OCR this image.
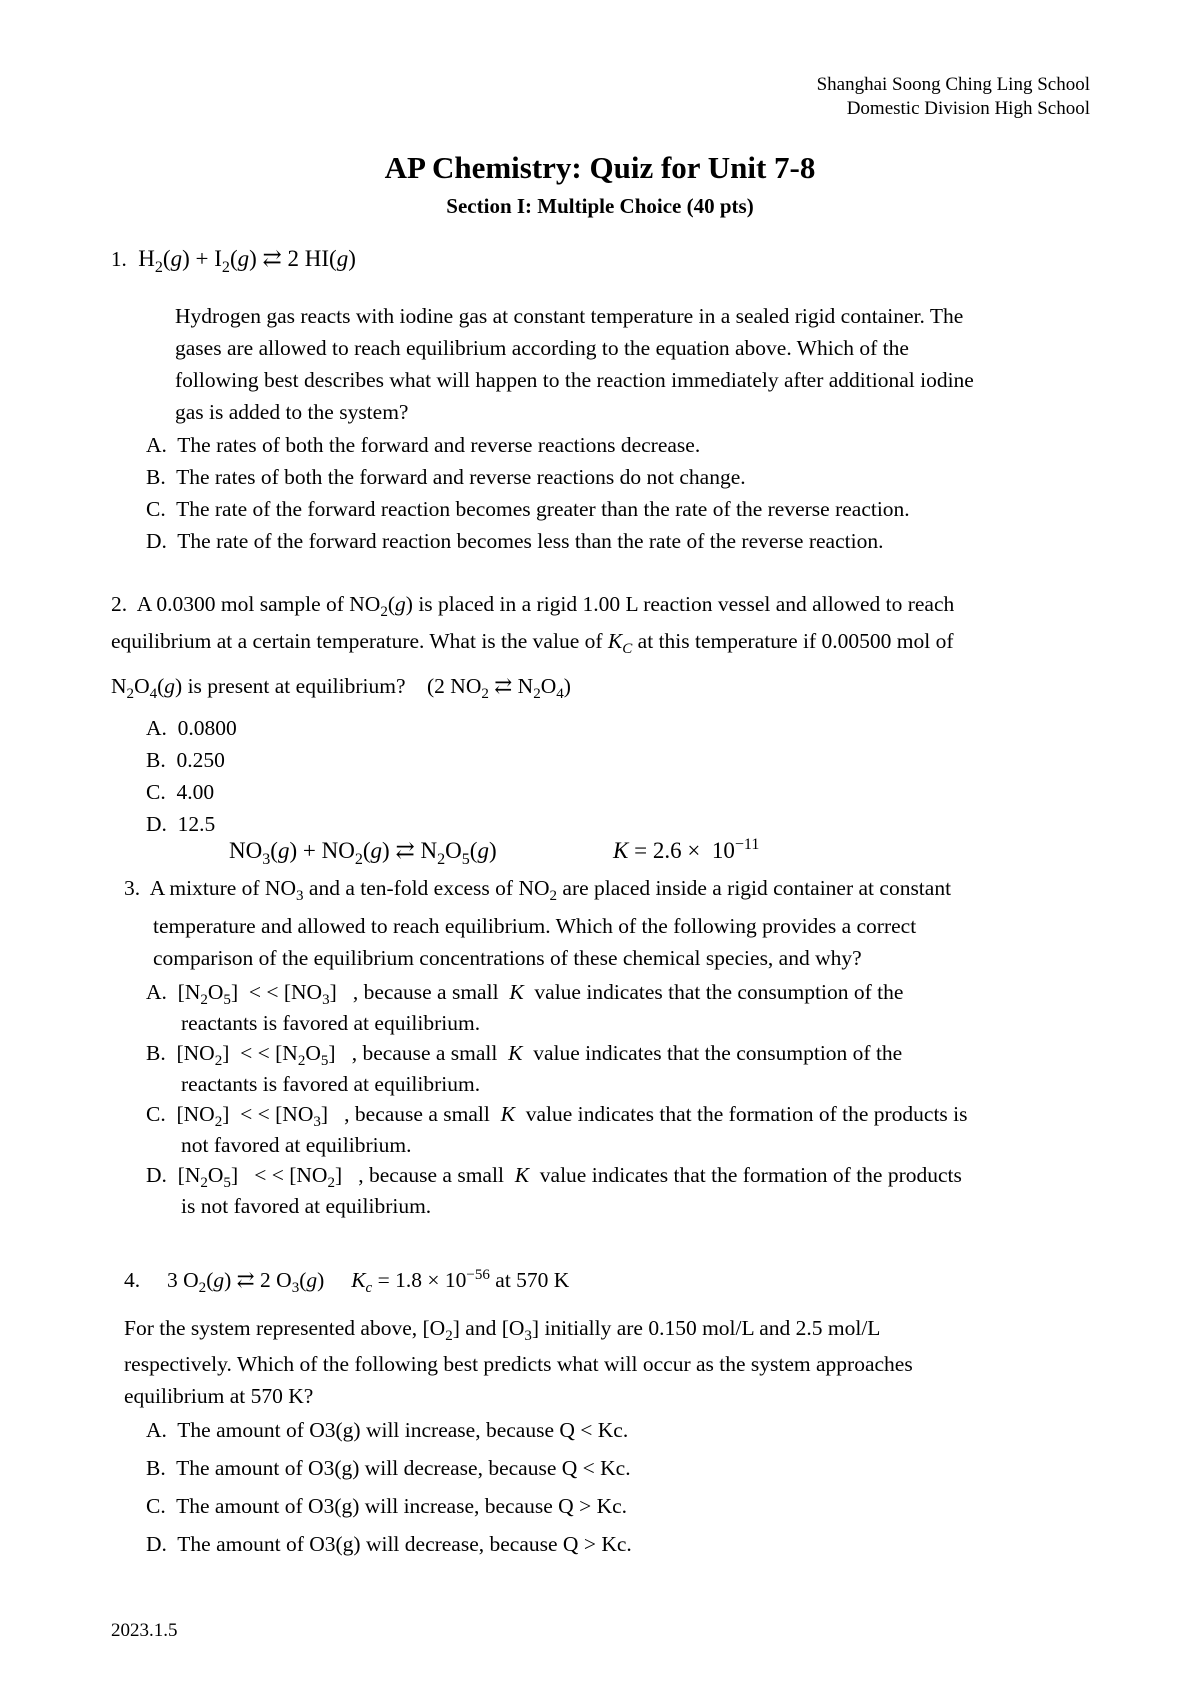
Shanghai Soong Ching Ling School
Domestic Division High School
AP Chemistry: Quiz for Unit 7-8
Section I: Multiple Choice (40 pts)
1.  $H_2(g) + I_2(g)$ ⇄ 2 HI(g)
Hydrogen gas reacts with iodine gas at constant temperature in a sealed rigid container. The
gases are allowed to reach equilibrium according to the equation above. Which of the
following best describes what will happen to the reaction immediately after additional iodine
gas is added to the system?
A. The rates of both the forward and reverse reactions decrease.
B. The rates of both the forward and reverse reactions do not change.
C. The rate of the forward reaction becomes greater than the rate of the reverse reaction.
D. The rate of the forward reaction becomes less than the rate of the reverse reaction.
2.  A 0.0300 mol sample of $NO_2(g)$ is placed in a rigid 1.00 L reaction vessel and allowed to reach
equilibrium at a certain temperature. What is the value of $K_C$ at this temperature if 0.00500 mol of
$N_2O_4(g)$ is present at equilibrium?    (2 $NO_2$ ⇄ $N_2O_4$)
A. 0.0800
B. 0.250
C. 4.00
D. 12.5
$NO_3(g) + NO_2(g)$ ⇄ $N_2O_5(g)$	$K = 2.6 \times 10^{-11}$
3.  A mixture of $NO_3$ and a ten-fold excess of $NO_2$ are placed inside a rigid container at constant
temperature and allowed to reach equilibrium. Which of the following provides a correct
comparison of the equilibrium concentrations of these chemical species, and why?
A.  $[N_2O_5]$  < < $[NO_3]$   , because a small K value indicates that the consumption of the
reactants is favored at equilibrium.
B.  $[NO_2]$  < < $[N_2O_5]$   , because a small K value indicates that the consumption of the
reactants is favored at equilibrium.
C.  $[NO_2]$  < < $[NO_3]$   , because a small K value indicates that the formation of the products is
not favored at equilibrium.
D.  $[N_2O_5]$   < < $[NO_2]$   , because a small K value indicates that the formation of the products
is not favored at equilibrium.
4.     3 $O_2(g)$ ⇄ 2 $O_3(g)$     $K_c = 1.8 \times 10^{-56}$ at 570 K
For the system represented above, $[O_2]$ and $[O_3]$ initially are 0.150 mol/L and 2.5 mol/L
respectively. Which of the following best predicts what will occur as the system approaches
equilibrium at 570 K?
A. The amount of O3(g) will increase, because Q < Kc.
B. The amount of O3(g) will decrease, because Q < Kc.
C. The amount of O3(g) will increase, because Q > Kc.
D. The amount of O3(g) will decrease, because Q > Kc.
2023.1.5
